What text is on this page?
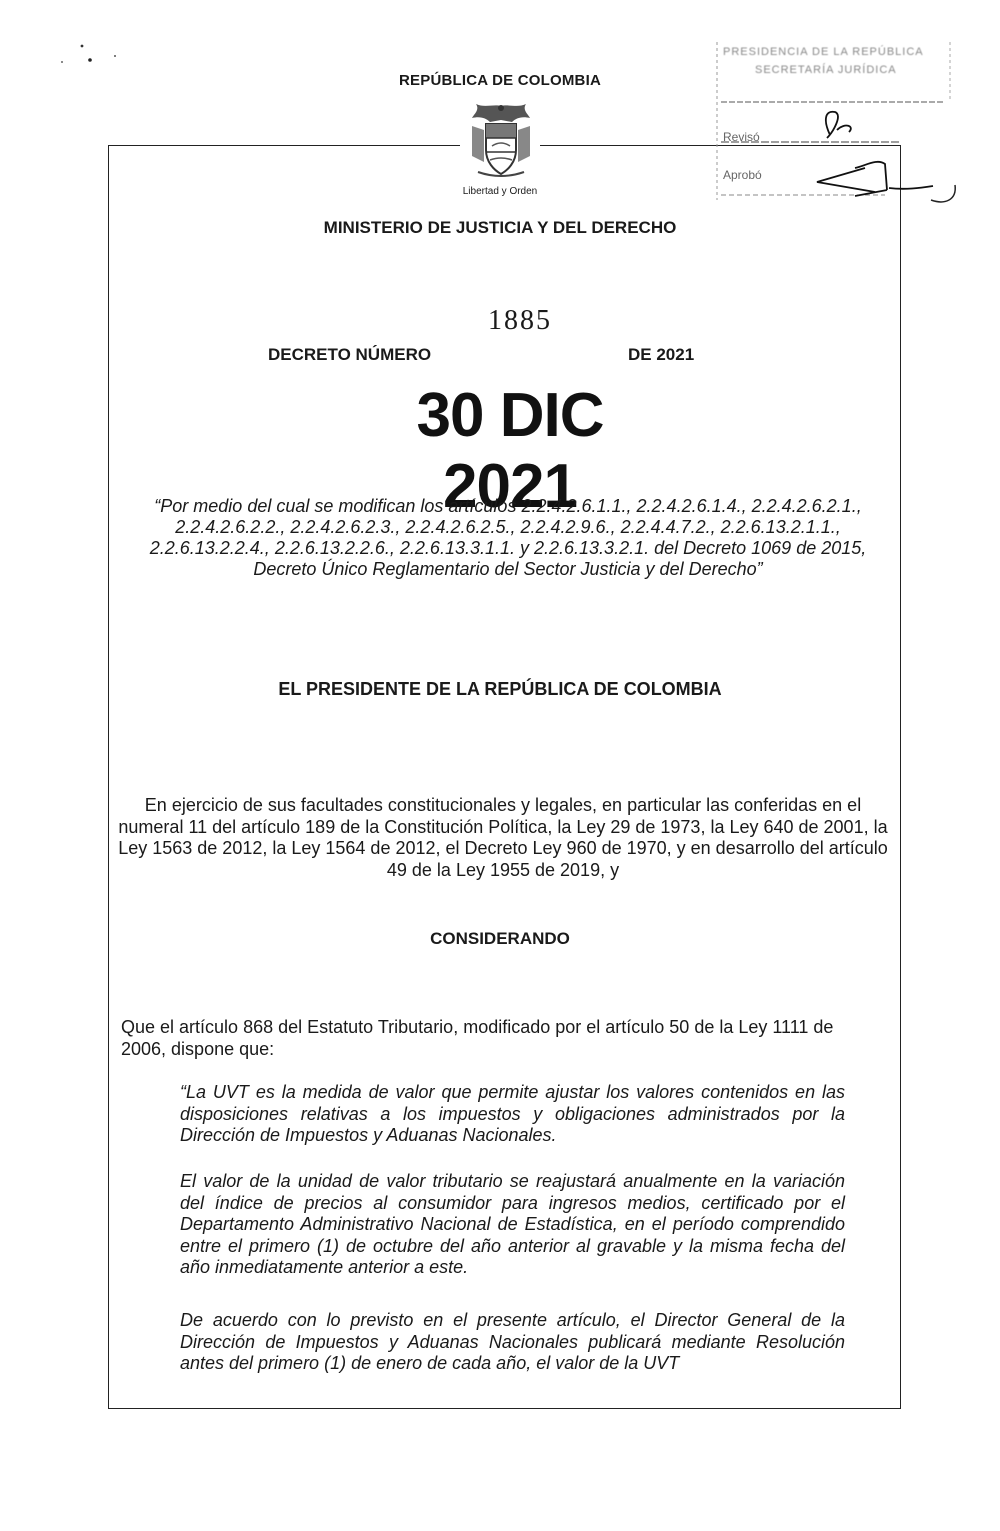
REPÚBLICA DE COLOMBIA
Libertad y Orden
MINISTERIO DE JUSTICIA Y DEL DERECHO
DECRETO NÚMERO
1885
DE 2021
30 DIC 2021
“Por medio del cual se modifican los artículos 2.2.4.2.6.1.1., 2.2.4.2.6.1.4., 2.2.4.2.6.2.1., 2.2.4.2.6.2.2., 2.2.4.2.6.2.3., 2.2.4.2.6.2.5., 2.2.4.2.9.6., 2.2.4.4.7.2., 2.2.6.13.2.1.1., 2.2.6.13.2.2.4., 2.2.6.13.2.2.6., 2.2.6.13.3.1.1. y 2.2.6.13.3.2.1. del Decreto 1069 de 2015, Decreto Único Reglamentario del Sector Justicia y del Derecho”
EL PRESIDENTE DE LA REPÚBLICA DE COLOMBIA
En ejercicio de sus facultades constitucionales y legales, en particular las conferidas en el numeral 11 del artículo 189 de la Constitución Política, la Ley 29 de 1973, la Ley 640 de 2001, la Ley 1563 de 2012, la Ley 1564 de 2012, el Decreto Ley 960 de 1970, y en desarrollo del artículo 49 de la Ley 1955 de 2019, y
CONSIDERANDO
Que el artículo 868 del Estatuto Tributario, modificado por el artículo 50 de la Ley 1111 de 2006, dispone que:
“La UVT es la medida de valor que permite ajustar los valores contenidos en las disposiciones relativas a los impuestos y obligaciones administrados por la Dirección de Impuestos y Aduanas Nacionales.
El valor de la unidad de valor tributario se reajustará anualmente en la variación del índice de precios al consumidor para ingresos medios, certificado por el Departamento Administrativo Nacional de Estadística, en el período comprendido entre el primero (1) de octubre del año anterior al gravable y la misma fecha del año inmediatamente anterior a este.
De acuerdo con lo previsto en el presente artículo, el Director General de la Dirección de Impuestos y Aduanas Nacionales publicará mediante Resolución antes del primero (1) de enero de cada año, el valor de la UVT
PRESIDENCIA DE LA REPÚBLICA
SECRETARÍA JURÍDICA
Revisó
Aprobó
